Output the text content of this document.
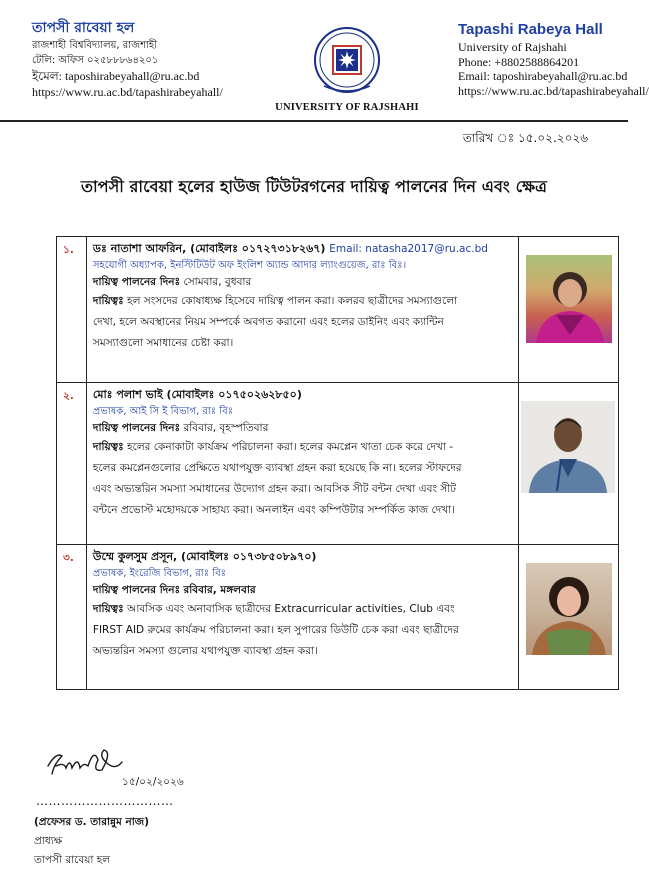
তাপসী রাবেয়া হল
রাজশাহী বিশ্ববিদ্যালয়, রাজশাহী
টেলি: অফিস ০২৫৮৮৮৬৪২০১
ইমেল: taposhirabeyahall@ru.ac.bd
https://www.ru.ac.bd/tapashirabeyahall/
UNIVERSITY OF RAJSHAHI
Tapashi Rabeya Hall
University of Rajshahi
Phone: +8802588864201
Email: taposhirabeyahall@ru.ac.bd
https://www.ru.ac.bd/tapashirabeyahall/
তারিখ ঃ ১৫.০২.২০২৬
তাপসী রাবেয়া হলের হাউজ টিউটরগনের দায়িত্ব পালনের দিন এবং ক্ষেত্র
১.	ডঃ নাতাশা আফরিন, (মোবাইলঃ ০১৭২৭৩১৮২৬৭) Email: natasha2017@ru.ac.bd
সহযোগী অধ্যাপক, ইনস্টিটিউট অফ ইংলিশ অ্যান্ড আদার ল্যাংগুয়েজ, রাঃ বিঃ।
দায়িত্ব পালনের দিনঃ সোমবার, বুধবার
দায়িত্বঃ হল সংসদের কোষাধ্যক্ষ হিসেবে দায়িত্ব পালন করা। কলরব ছাত্রীদের সমস্যাগুলো
দেখা, হলে অবস্থানের নিয়ম সম্পর্কে অবগত করানো এবং হলের ডাইনিং এবং ক্যান্টিন
সমস্যাগুলো সমাধানের চেষ্টা করা।
২.	মোঃ পলাশ ভাই (মোবাইলঃ ০১৭৫০২৬২৮৫০)
প্রভাষক, আই সি ই বিভাগ, রাঃ বিঃ
দায়িত্ব পালনের দিনঃ রবিবার, বৃহস্পতিবার
দায়িত্বঃ হলের কেনাকাটা কার্যক্রম পরিচালনা করা। হলের কমপ্লেন খাতা চেক করে দেখা -
হলের কমপ্লেনগুলোর প্রেক্ষিতে যথাপযুক্ত ব্যাবস্থা গ্রহন করা হয়েছে কি না। হলের স্টাফদের
এবং অভ্যন্তরিন সমস্যা সমাধানের উদ্যোগ গ্রহন করা। আবসিক সীট বন্টন দেখা এবং সীট
বন্টনে প্রভোস্ট মহোদয়কে সাহায্য করা। অনলাইন এবং কম্পিউটার সম্পর্কিত কাজ দেখা।
৩.	উম্মে কুলসুম প্রসূন, (মোবাইলঃ ০১৭৩৮৫০৮৯৭০)
প্রভাষক, ইংরেজি বিভাগ, রাঃ বিঃ
দায়িত্ব পালনের দিনঃ রবিবার, মঙ্গলবার
দায়িত্বঃ আবসিক এবং অনাবাসিক ছাত্রীদের Extracurricular activities, Club এবং
FIRST AID রুমের কার্যক্রম পরিচালনা করা। হল সুপারের ডিউটি চেক করা এবং ছাত্রীদের
অভ্যন্তরিন সমস্যা গুলোর যথাপযুক্ত ব্যাবস্থা গ্রহন করা।
১৫/০২/২০২৬
……………………………
(প্রফেসর ড. তারান্নুম নাজ)
প্রাধ্যক্ষ
তাপসী রাবেয়া হল
